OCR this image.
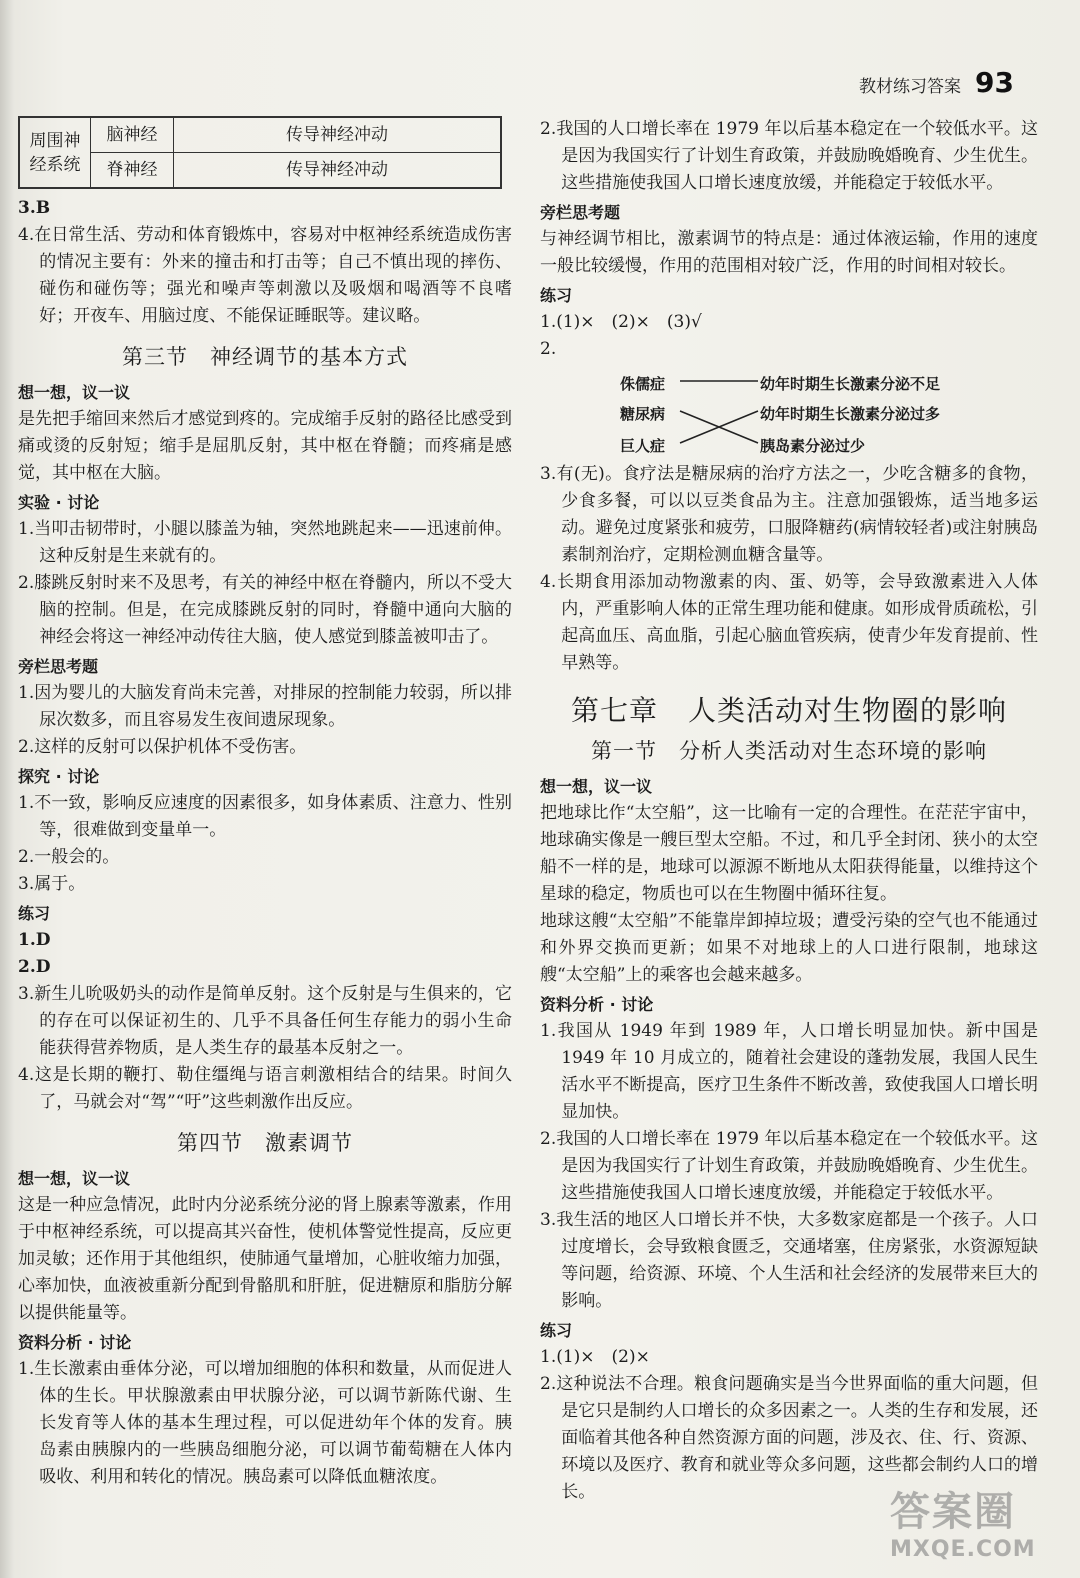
教材练习答案 93
周围神经系统	脑神经	传导神经冲动
	脊神经	传导神经冲动

3.B

4.在日常生活、劳动和体育锻炼中，容易对中枢神经系统造成伤害的情况主要有：外来的撞击和打击等；自己不慎出现的摔伤、碰伤和碰伤等；强光和噪声等刺激以及吸烟和喝酒等不良嗜好；开夜车、用脑过度、不能保证睡眠等。建议略。

第三节 神经调节的基本方式

想一想，议一议

是先把手缩回来然后才感觉到疼的。完成缩手反射的路径比感受到痛或烫的反射短；缩手是屈肌反射，其中枢在脊髓；而疼痛是感觉，其中枢在大脑。

实验 · 讨论

1.当叩击韧带时，小腿以膝盖为轴，突然地跳起来——迅速前伸。这种反射是生来就有的。

2.膝跳反射时来不及思考，有关的神经中枢在脊髓内，所以不受大脑的控制。但是，在完成膝跳反射的同时，脊髓中通向大脑的神经会将这一神经冲动传往大脑，使人感觉到膝盖被叩击了。

旁栏思考题

1.因为婴儿的大脑发育尚未完善，对排尿的控制能力较弱，所以排尿次数多，而且容易发生夜间遗尿现象。

2.这样的反射可以保护机体不受伤害。

探究 · 讨论

1.不一致，影响反应速度的因素很多，如身体素质、注意力、性别等，很难做到变量单一。

2.一般会的。

3.属于。

练习

1.D

2.D

3.新生儿吮吸奶头的动作是简单反射。这个反射是与生俱来的，它的存在可以保证初生的、几乎不具备任何生存能力的弱小生命能获得营养物质，是人类生存的最基本反射之一。

4.这是长期的鞭打、勒住缰绳与语言刺激相结合的结果。时间久了，马就会对“驾”“吁”这些刺激作出反应。

第四节 激素调节

想一想，议一议

这是一种应急情况，此时内分泌系统分泌的肾上腺素等激素，作用于中枢神经系统，可以提高其兴奋性，使机体警觉性提高，反应更加灵敏；还作用于其他组织，使肺通气量增加，心脏收缩力加强，心率加快，血液被重新分配到骨骼肌和肝脏，促进糖原和脂肪分解以提供能量等。

资料分析 · 讨论

1.生长激素由垂体分泌，可以增加细胞的体积和数量，从而促进人体的生长。甲状腺激素由甲状腺分泌，可以调节新陈代谢、生长发育等人体的基本生理过程，可以促进幼年个体的发育。胰岛素由胰腺内的一些胰岛细胞分泌，可以调节葡萄糖在人体内吸收、利用和转化的情况。胰岛素可以降低血糖浓度。

2.我国的人口增长率在 1979 年以后基本稳定在一个较低水平。这是因为我国实行了计划生育政策，并鼓励晚婚晚育、少生优生。这些措施使我国人口增长速度放缓，并能稳定于较低水平。

旁栏思考题

与神经调节相比，激素调节的特点是：通过体液运输，作用的速度一般比较缓慢，作用的范围相对较广泛，作用的时间相对较长。

练习

1.(1)×　(2)×　(3)√

2.

侏儒症
糖尿病
巨人症
幼年时期生长激素分泌不足
幼年时期生长激素分泌过多
胰岛素分泌过少

3.有(无)。食疗法是糖尿病的治疗方法之一，少吃含糖多的食物，少食多餐，可以以豆类食品为主。注意加强锻炼，适当地多运动。避免过度紧张和疲劳，口服降糖药(病情较轻者)或注射胰岛素制剂治疗，定期检测血糖含量等。

4.长期食用添加动物激素的肉、蛋、奶等，会导致激素进入人体内，严重影响人体的正常生理功能和健康。如形成骨质疏松，引起高血压、高血脂，引起心脑血管疾病，使青少年发育提前、性早熟等。

第七章 人类活动对生物圈的影响
第一节 分析人类活动对生态环境的影响

想一想，议一议

把地球比作“太空船”，这一比喻有一定的合理性。在茫茫宇宙中，地球确实像是一艘巨型太空船。不过，和几乎全封闭、狭小的太空船不一样的是，地球可以源源不断地从太阳获得能量，以维持这个星球的稳定，物质也可以在生物圈中循环往复。

地球这艘“太空船”不能靠岸卸掉垃圾；遭受污染的空气也不能通过和外界交换而更新；如果不对地球上的人口进行限制，地球这艘“太空船”上的乘客也会越来越多。

资料分析 · 讨论

1.我国从 1949 年到 1989 年，人口增长明显加快。新中国是 1949 年 10 月成立的，随着社会建设的蓬勃发展，我国人民生活水平不断提高，医疗卫生条件不断改善，致使我国人口增长明显加快。

2.我国的人口增长率在 1979 年以后基本稳定在一个较低水平。这是因为我国实行了计划生育政策，并鼓励晚婚晚育、少生优生。这些措施使我国人口增长速度放缓，并能稳定于较低水平。

3.我生活的地区人口增长并不快，大多数家庭都是一个孩子。人口过度增长，会导致粮食匮乏，交通堵塞，住房紧张，水资源短缺等问题，给资源、环境、个人生活和社会经济的发展带来巨大的影响。

练习

1.(1)×　(2)×

2.这种说法不合理。粮食问题确实是当今世界面临的重大问题，但是它只是制约人口增长的众多因素之一。人类的生存和发展，还面临着其他各种自然资源方面的问题，涉及衣、住、行、资源、环境以及医疗、教育和就业等众多问题，这些都会制约人口的增长。	答案圈
MXQE.COM
